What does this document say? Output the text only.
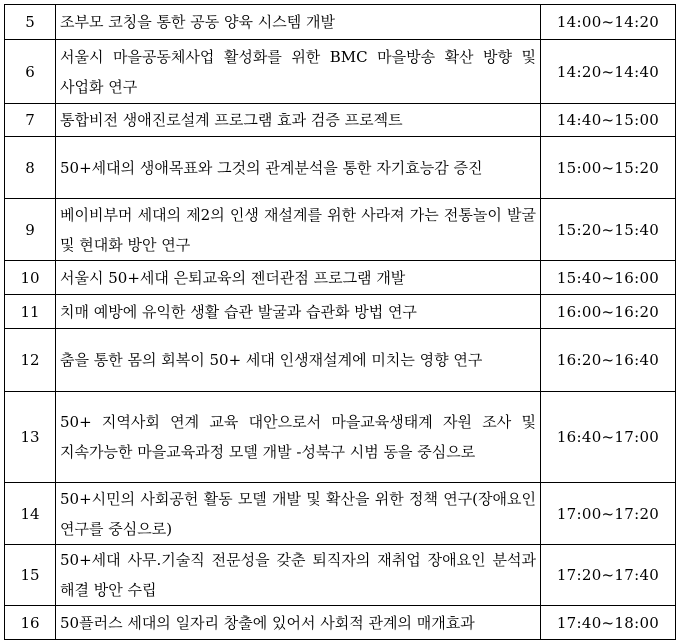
5	조부모 코칭을 통한 공동 양육 시스템 개발	14:00~14:20
6	서울시 마을공동체사업 활성화를 위한 BMC 마을방송 확산 방향 및 사업화 연구	14:20~14:40
7	통합비전 생애진로설계 프로그램 효과 검증 프로젝트	14:40~15:00
8	50+세대의 생애목표와 그것의 관계분석을 통한 자기효능감 증진	15:00~15:20
9	베이비부머 세대의 제2의 인생 재설계를 위한 사라져 가는 전통놀이 발굴 및 현대화 방안 연구	15:20~15:40
10	서울시 50+세대 은퇴교육의 젠더관점 프로그램 개발	15:40~16:00
11	치매 예방에 유익한 생활 습관 발굴과 습관화 방법 연구	16:00~16:20
12	춤을 통한 몸의 회복이 50+ 세대 인생재설계에 미치는 영향 연구	16:20~16:40
13	50+ 지역사회 연계 교육 대안으로서 마을교육생태계 자원 조사 및 지속가능한 마을교육과정 모델 개발 -성북구 시범 동을 중심으로	16:40~17:00
14	50+시민의 사회공헌 활동 모델 개발 및 확산을 위한 정책 연구(장애요인 연구를 중심으로)	17:00~17:20
15	50+세대 사무.기술직 전문성을 갖춘 퇴직자의 재취업 장애요인 분석과 해결 방안 수립	17:20~17:40
16	50플러스 세대의 일자리 창출에 있어서 사회적 관계의 매개효과	17:40~18:00
